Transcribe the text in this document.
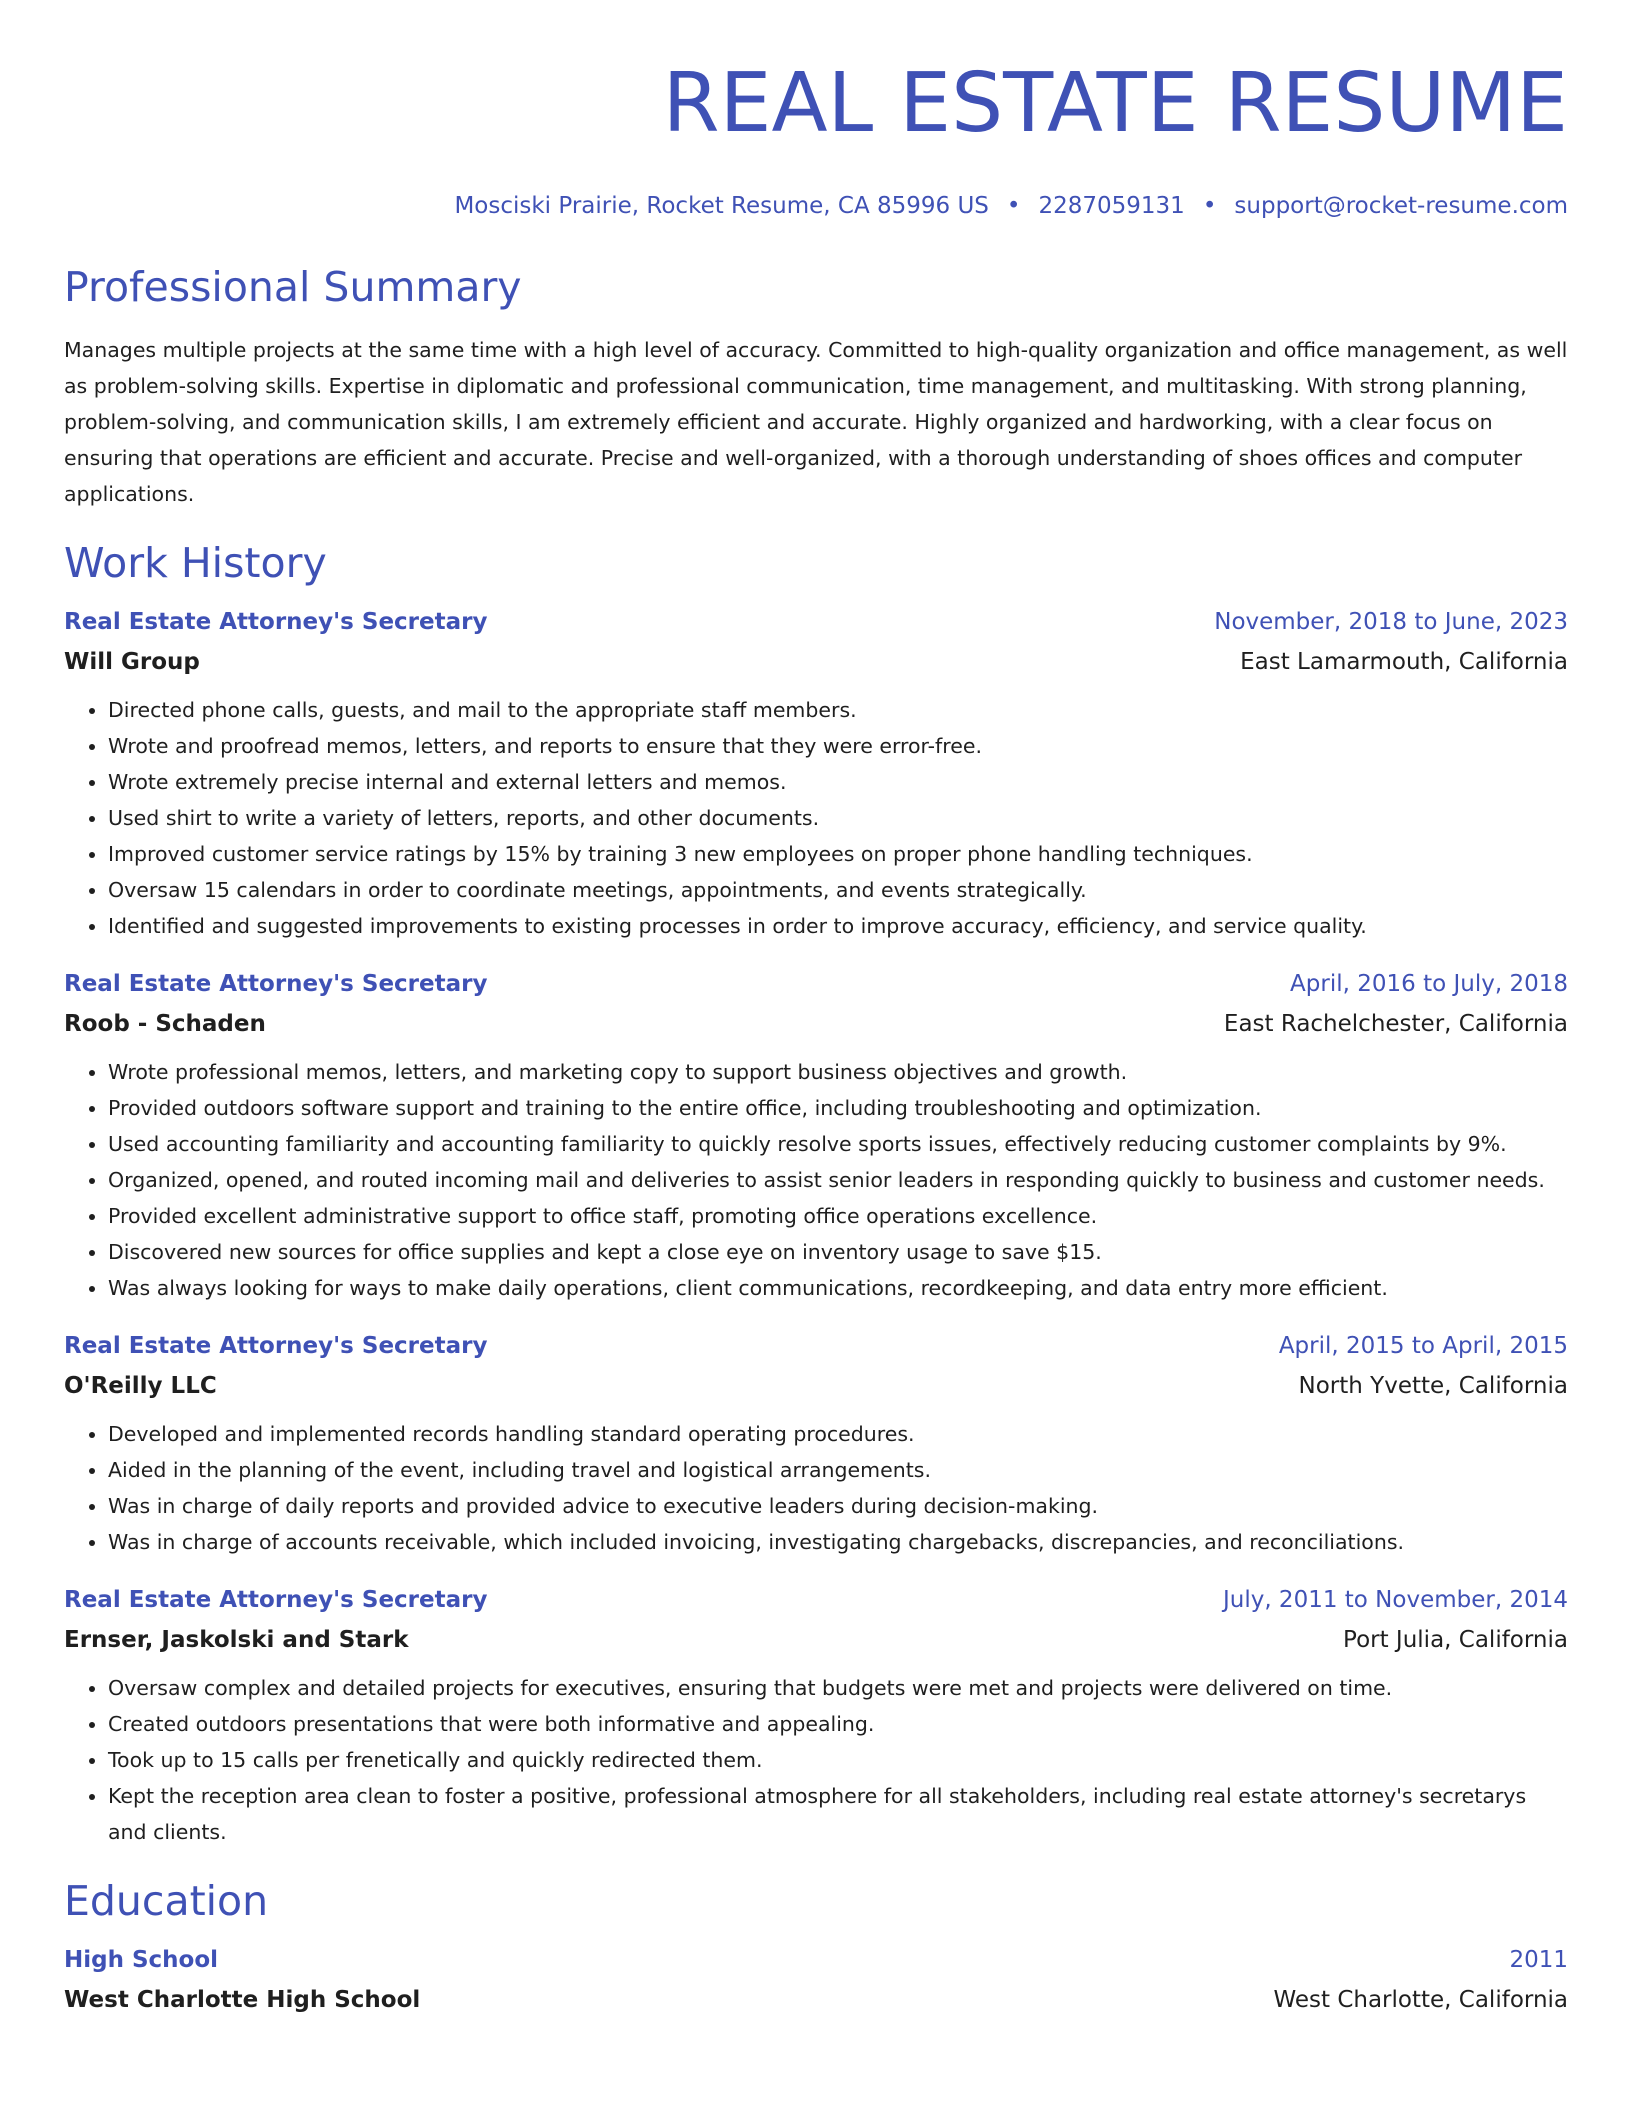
REAL ESTATE RESUME
Mosciski Prairie, Rocket Resume, CA 85996 US • 2287059131 • support@rocket-resume.com
Professional Summary

Manages multiple projects at the same time with a high level of accuracy. Committed to high-quality organization and office management, as well as problem-solving skills. Expertise in diplomatic and professional communication, time management, and multitasking. With strong planning, problem-solving, and communication skills, I am extremely efficient and accurate. Highly organized and hardworking, with a clear focus on ensuring that operations are efficient and accurate. Precise and well-organized, with a thorough understanding of shoes offices and computer applications.

Work History
Real Estate Attorney's Secretary	November, 2018 to June, 2023
Will Group	East Lamarmouth, California
• Directed phone calls, guests, and mail to the appropriate staff members.
• Wrote and proofread memos, letters, and reports to ensure that they were error-free.
• Wrote extremely precise internal and external letters and memos.
• Used shirt to write a variety of letters, reports, and other documents.
• Improved customer service ratings by 15% by training 3 new employees on proper phone handling techniques.
• Oversaw 15 calendars in order to coordinate meetings, appointments, and events strategically.
• Identified and suggested improvements to existing processes in order to improve accuracy, efficiency, and service quality.
Real Estate Attorney's Secretary	April, 2016 to July, 2018
Roob - Schaden	East Rachelchester, California
• Wrote professional memos, letters, and marketing copy to support business objectives and growth.
• Provided outdoors software support and training to the entire office, including troubleshooting and optimization.
• Used accounting familiarity and accounting familiarity to quickly resolve sports issues, effectively reducing customer complaints by 9%.
• Organized, opened, and routed incoming mail and deliveries to assist senior leaders in responding quickly to business and customer needs.
• Provided excellent administrative support to office staff, promoting office operations excellence.
• Discovered new sources for office supplies and kept a close eye on inventory usage to save $15.
• Was always looking for ways to make daily operations, client communications, recordkeeping, and data entry more efficient.
Real Estate Attorney's Secretary	April, 2015 to April, 2015
O'Reilly LLC	North Yvette, California
• Developed and implemented records handling standard operating procedures.
• Aided in the planning of the event, including travel and logistical arrangements.
• Was in charge of daily reports and provided advice to executive leaders during decision-making.
• Was in charge of accounts receivable, which included invoicing, investigating chargebacks, discrepancies, and reconciliations.
Real Estate Attorney's Secretary	July, 2011 to November, 2014
Ernser, Jaskolski and Stark	Port Julia, California
• Oversaw complex and detailed projects for executives, ensuring that budgets were met and projects were delivered on time.
• Created outdoors presentations that were both informative and appealing.
• Took up to 15 calls per frenetically and quickly redirected them.
• Kept the reception area clean to foster a positive, professional atmosphere for all stakeholders, including real estate attorney's secretarys and clients.
Education
High School	2011
West Charlotte High School	West Charlotte, California
